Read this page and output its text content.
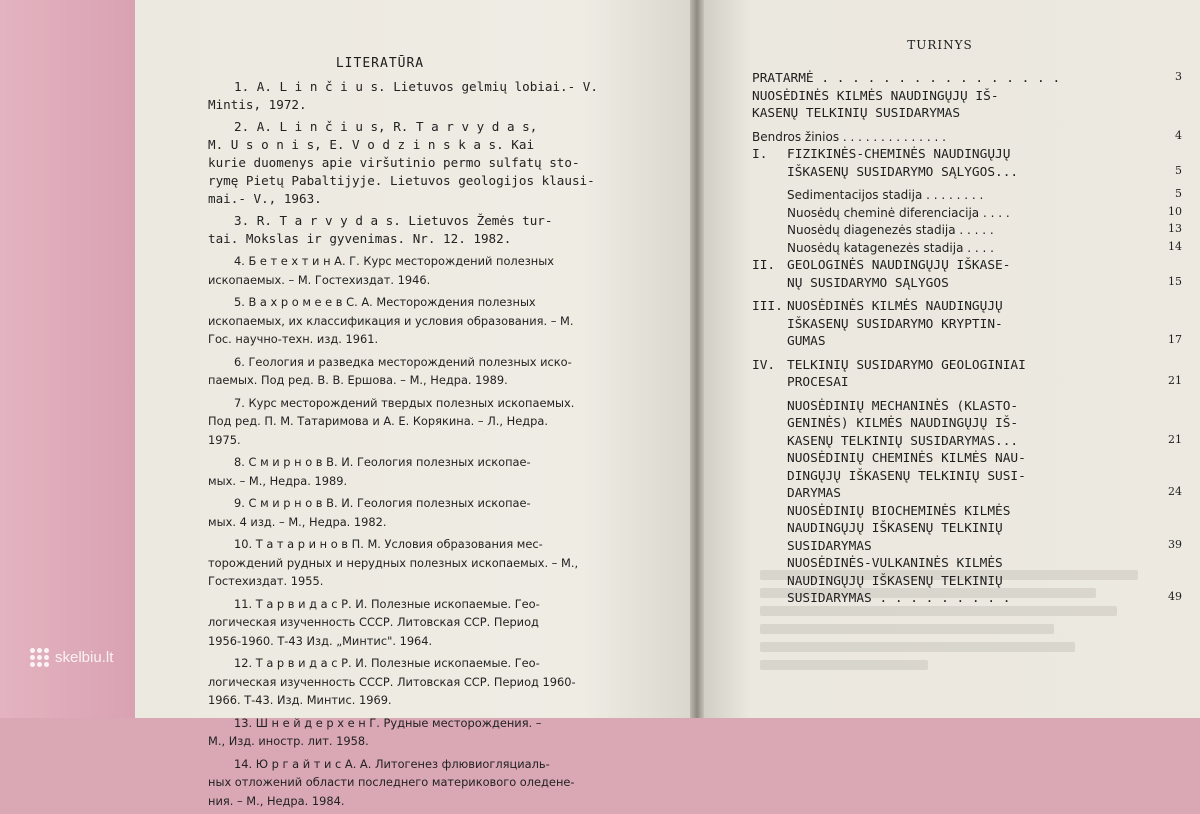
LITERATŪRA
1. A. L i n č i u s. Lietuvos gelmių lobiai.- V.
Mintis, 1972.
2. A. L i n č i u s, R. T a r v y d a s,
M. U s o n i s, E. V o d z i n s k a s. Kai
kurie duomenys apie viršutinio permo sulfatų sto-
rymę Pietų Pabaltijyje. Lietuvos geologijos klausi-
mai.- V., 1963.
3. R. T a r v y d a s. Lietuvos Žemės tur-
tai. Mokslas ir gyvenimas. Nr. 12. 1982.
4. Б е т е х т и н А. Г. Курс месторождений полезных
ископаемых. – М. Гостехиздат. 1946.
5. В а х р о м е е в С. А. Месторождения полезных
ископаемых, их классификация и условия образования. – М.
Гос. научно-техн. изд. 1961.
6. Геология и разведка месторождений полезных иско-
паемых. Под ред. В. В. Ершова. – М., Недра. 1989.
7. Курс месторождений твердых полезных ископаемых.
Под ред. П. М. Татаримова и А. Е. Корякина. – Л., Недра.
1975.
8. С м и р н о в В. И. Геология полезных ископае-
мых. – М., Недра. 1989.
9. С м и р н о в В. И. Геология полезных ископае-
мых. 4 изд. – М., Недра. 1982.
10. Т а т а р и н о в П. М. Условия образования мес-
торождений рудных и нерудных полезных ископаемых. – М.,
Гостехиздат. 1955.
11. Т а р в и д а с Р. И. Полезные ископаемые. Гео-
логическая изученность СССР. Литовская ССР. Период
1956-1960. Т-43 Изд. „Минтис". 1964.
12. Т а р в и д а с Р. И. Полезные ископаемые. Гео-
логическая изученность СССР. Литовская ССР. Период 1960-
1966. Т-43. Изд. Минтис. 1969.
13. Ш н е й д е р х е н Г. Рудные месторождения. –
М., Изд. иностр. лит. 1958.
14. Ю р г а й т и с А. А. Литогенез флювиогляциаль-
ных отложений области последнего материкового оледене-
ния. – М., Недра. 1984.
TURINYS
PRATARMĖ . . . . . . . . . . . . . . . .	3
NUOSĖDINĖS KILMĖS NAUDINGŲJŲ IŠ-
KASENŲ TELKINIŲ SUSIDARYMAS
Bendros žinios . . . . . . . . . . . . . .	4
I.	FIZIKINĖS-CHEMINĖS NAUDINGŲJŲ
IŠKASENŲ SUSIDARYMO SĄLYGOS...	5
Sedimentacijos stadija . . . . . . . .	5
Nuosėdų cheminė diferenciacija . . . .	10
Nuosėdų diagenezės stadija . . . . .	13
Nuosėdų katagenezės stadija . . . .	14
II. GEOLOGINĖS NAUDINGŲJŲ IŠKASE-
NŲ SUSIDARYMO SĄLYGOS	15
III. NUOSĖDINĖS KILMĖS NAUDINGŲJŲ
IŠKASENŲ SUSIDARYMO KRYPTIN-
GUMAS	17
IV. TELKINIŲ SUSIDARYMO GEOLOGINIAI
PROCESAI	21
NUOSĖDINIŲ MECHANINĖS (KLASTO-
GENINĖS) KILMĖS NAUDINGŲJŲ IŠ-
KASENŲ TELKINIŲ SUSIDARYMAS...	21
NUOSĖDINIŲ CHEMINĖS KILMĖS NAU-
DINGŲJŲ IŠKASENŲ TELKINIŲ SUSI-
DARYMAS	24
NUOSĖDINIŲ BIOCHEMINĖS KILMĖS
NAUDINGŲJŲ IŠKASENŲ TELKINIŲ
SUSIDARYMAS	39
NUOSĖDINĖS-VULKANINĖS KILMĖS
NAUDINGŲJŲ IŠKASENŲ TELKINIŲ
SUSIDARYMAS . . . . . . . . .	49
skelbiu.lt
